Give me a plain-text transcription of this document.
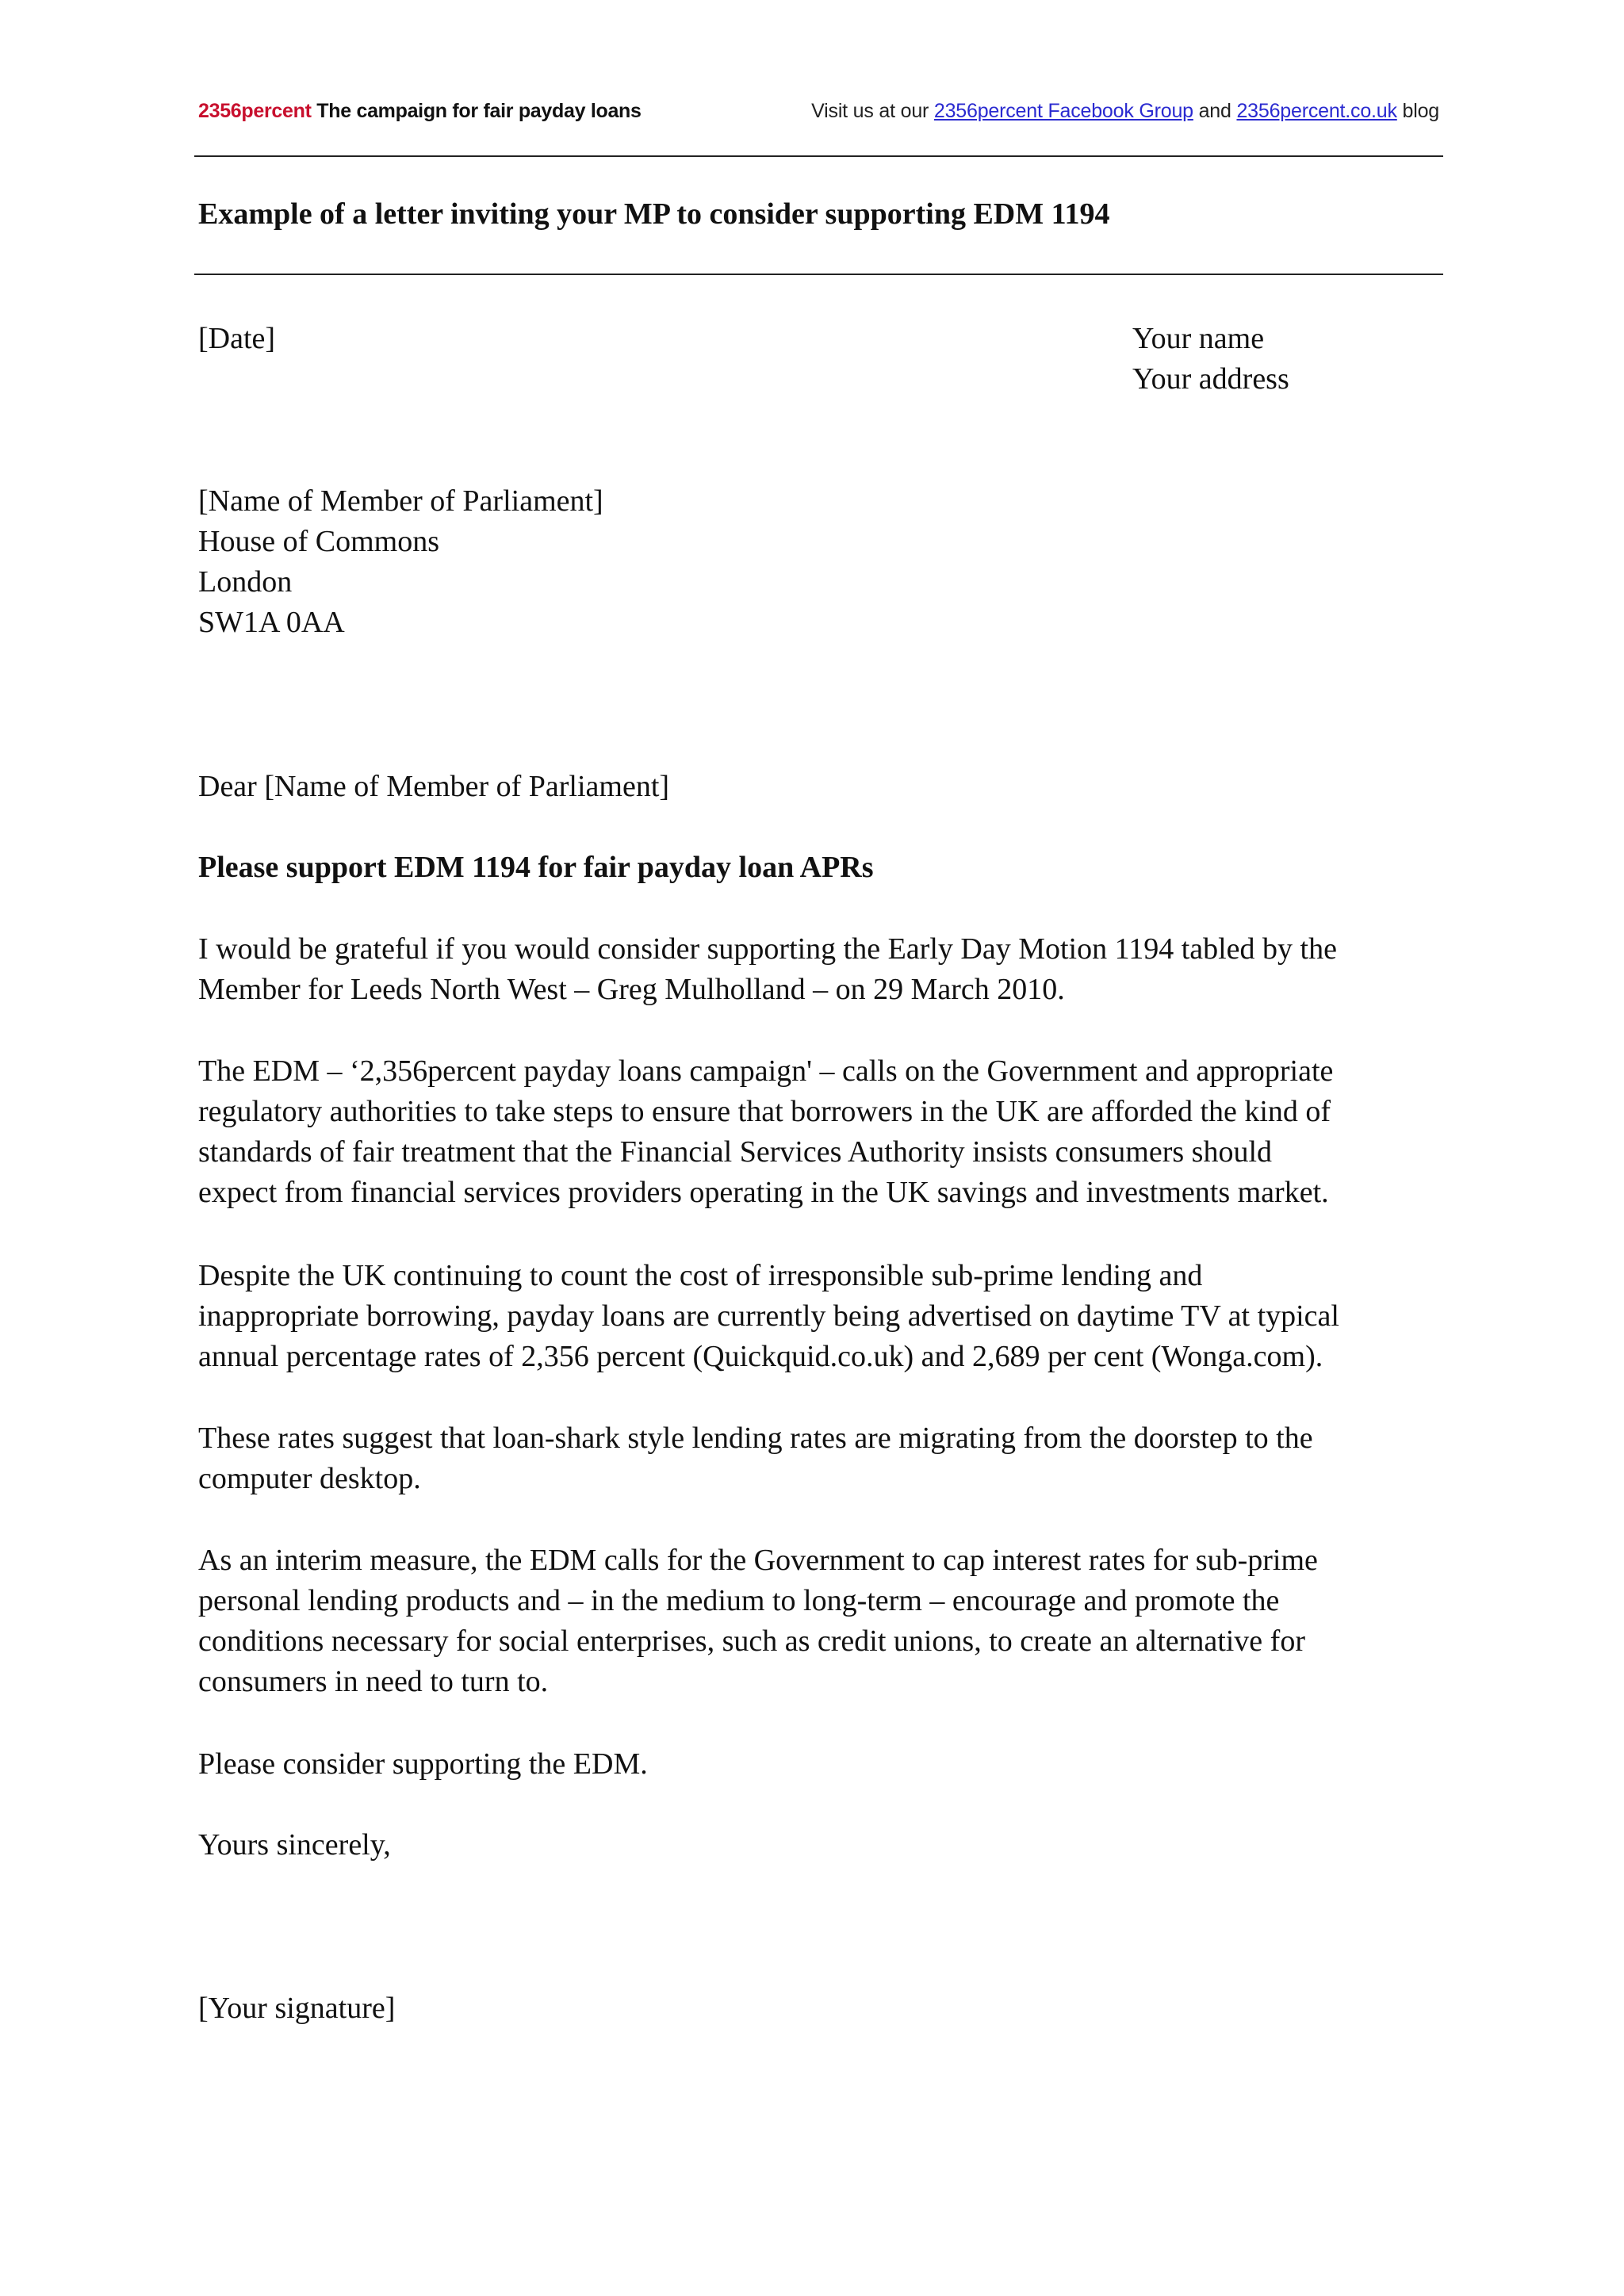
2356percent The campaign for fair payday loans	Visit us at our 2356percent Facebook Group and 2356percent.co.uk blog
Example of a letter inviting your MP to consider supporting EDM 1194
[Date]	Your name
Your address
[Name of Member of Parliament]
House of Commons
London
SW1A 0AA
Dear [Name of Member of Parliament]
Please support EDM 1194 for fair payday loan APRs
I would be grateful if you would consider supporting the Early Day Motion 1194 tabled by the
Member for Leeds North West – Greg Mulholland – on 29 March 2010.
The EDM – ‘2,356percent payday loans campaign' – calls on the Government and appropriate
regulatory authorities to take steps to ensure that borrowers in the UK are afforded the kind of
standards of fair treatment that the Financial Services Authority insists consumers should
expect from financial services providers operating in the UK savings and investments market.
Despite the UK continuing to count the cost of irresponsible sub-prime lending and
inappropriate borrowing, payday loans are currently being advertised on daytime TV at typical
annual percentage rates of 2,356 percent (Quickquid.co.uk) and 2,689 per cent (Wonga.com).
These rates suggest that loan-shark style lending rates are migrating from the doorstep to the
computer desktop.
As an interim measure, the EDM calls for the Government to cap interest rates for sub-prime
personal lending products and – in the medium to long-term – encourage and promote the
conditions necessary for social enterprises, such as credit unions, to create an alternative for
consumers in need to turn to.
Please consider supporting the EDM.
Yours sincerely,
[Your signature]
